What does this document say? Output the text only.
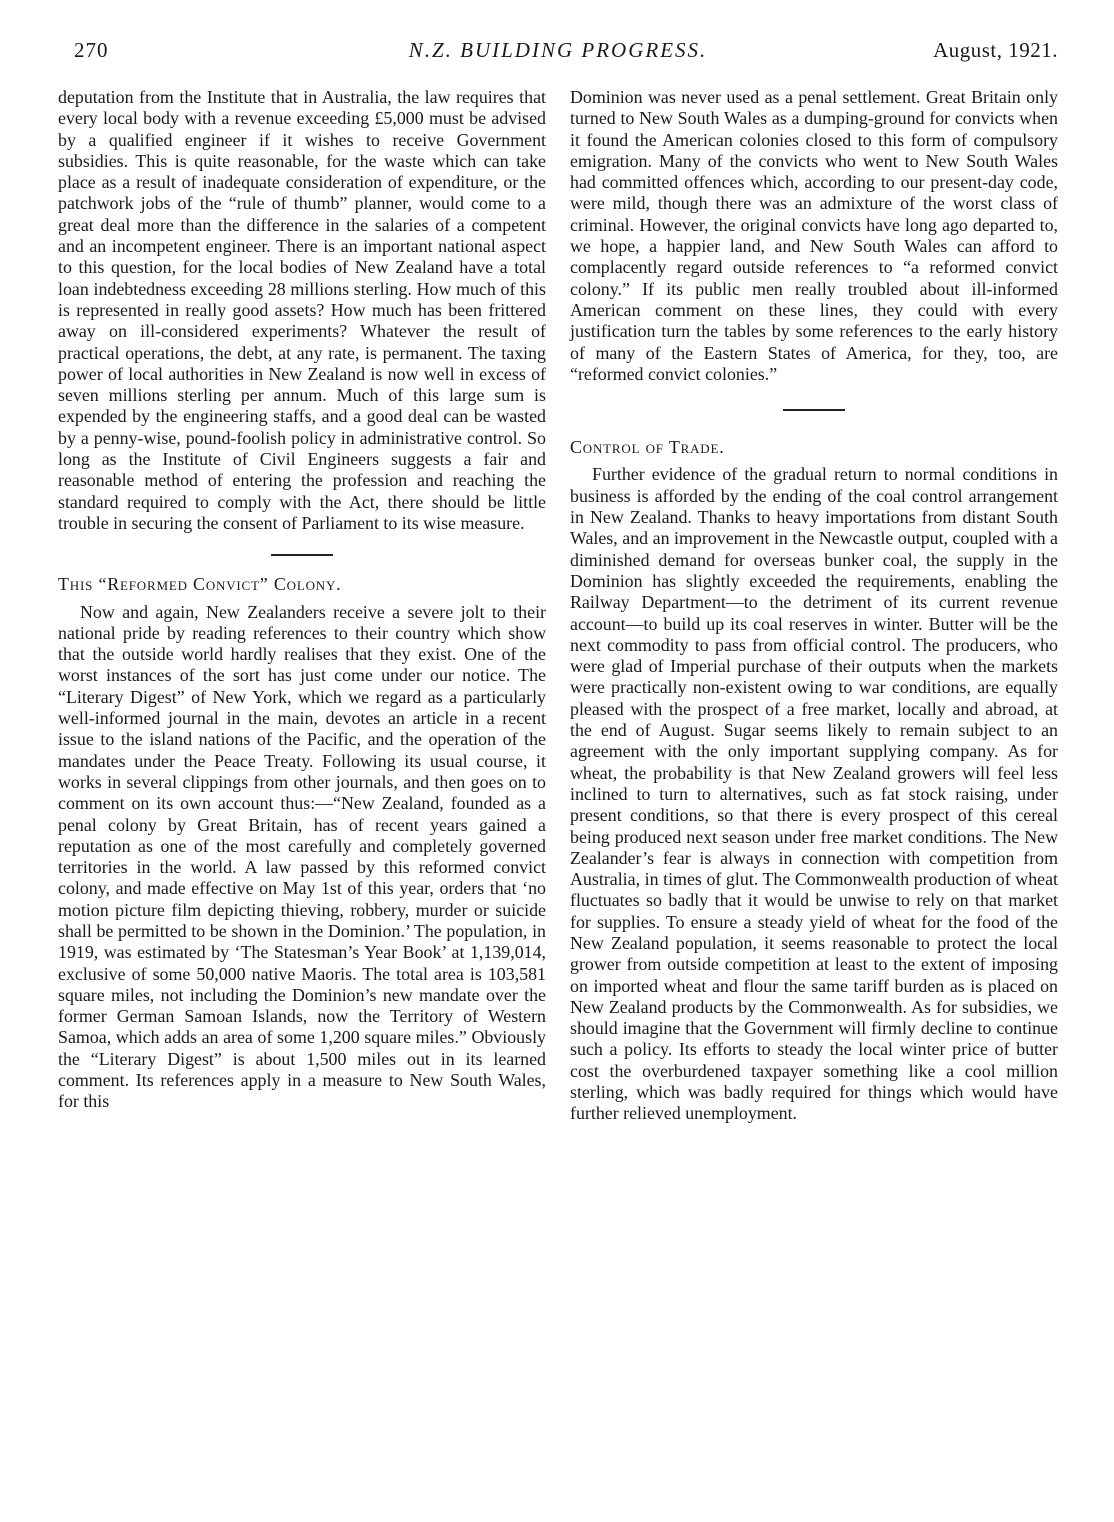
270	N.Z. BUILDING PROGRESS.	August, 1921.

deputation from the Institute that in Australia, the law requires that every local body with a revenue exceeding £5,000 must be advised by a qualified engineer if it wishes to receive Government subsidies. This is quite reasonable, for the waste which can take place as a result of inadequate consideration of expenditure, or the patchwork jobs of the “rule of thumb” planner, would come to a great deal more than the difference in the salaries of a competent and an incompetent engineer. There is an important national aspect to this question, for the local bodies of New Zealand have a total loan indebtedness exceeding 28 millions sterling. How much of this is represented in really good assets? How much has been frittered away on ill-considered experiments? Whatever the result of practical operations, the debt, at any rate, is permanent. The taxing power of local authorities in New Zealand is now well in excess of seven millions sterling per annum. Much of this large sum is expended by the engineering staffs, and a good deal can be wasted by a penny-wise, pound-foolish policy in administrative control. So long as the Institute of Civil Engineers suggests a fair and reasonable method of entering the profession and reaching the standard required to comply with the Act, there should be little trouble in securing the consent of Parliament to its wise measure.

This “Reformed Convict” Colony.

Now and again, New Zealanders receive a severe jolt to their national pride by reading references to their country which show that the outside world hardly realises that they exist. One of the worst instances of the sort has just come under our notice. The “Literary Digest” of New York, which we regard as a particularly well-informed journal in the main, devotes an article in a recent issue to the island nations of the Pacific, and the operation of the mandates under the Peace Treaty. Following its usual course, it works in several clippings from other journals, and then goes on to comment on its own account thus:—“New Zealand, founded as a penal colony by Great Britain, has of recent years gained a reputation as one of the most carefully and completely governed territories in the world. A law passed by this reformed convict colony, and made effective on May 1st of this year, orders that ‘no motion picture film depicting thieving, robbery, murder or suicide shall be permitted to be shown in the Dominion.’ The population, in 1919, was estimated by ‘The Statesman’s Year Book’ at 1,139,014, exclusive of some 50,000 native Maoris. The total area is 103,581 square miles, not including the Dominion’s new mandate over the former German Samoan Islands, now the Territory of Western Samoa, which adds an area of some 1,200 square miles.” Obviously the “Literary Digest” is about 1,500 miles out in its learned comment. Its references apply in a measure to New South Wales, for this

Dominion was never used as a penal settlement. Great Britain only turned to New South Wales as a dumping-ground for convicts when it found the American colonies closed to this form of compulsory emigration. Many of the convicts who went to New South Wales had committed offences which, according to our present-day code, were mild, though there was an admixture of the worst class of criminal. However, the original convicts have long ago departed to, we hope, a happier land, and New South Wales can afford to complacently regard outside references to “a reformed convict colony.” If its public men really troubled about ill-informed American comment on these lines, they could with every justification turn the tables by some references to the early history of many of the Eastern States of America, for they, too, are “reformed convict colonies.”

Control of Trade.

Further evidence of the gradual return to normal conditions in business is afforded by the ending of the coal control arrangement in New Zealand. Thanks to heavy importations from distant South Wales, and an improvement in the Newcastle output, coupled with a diminished demand for overseas bunker coal, the supply in the Dominion has slightly exceeded the requirements, enabling the Railway Department—to the detriment of its current revenue account—to build up its coal reserves in winter. Butter will be the next commodity to pass from official control. The producers, who were glad of Imperial purchase of their outputs when the markets were practically non-existent owing to war conditions, are equally pleased with the prospect of a free market, locally and abroad, at the end of August. Sugar seems likely to remain subject to an agreement with the only important supplying company. As for wheat, the probability is that New Zealand growers will feel less inclined to turn to alternatives, such as fat stock raising, under present conditions, so that there is every prospect of this cereal being produced next season under free market conditions. The New Zealander’s fear is always in connection with competition from Australia, in times of glut. The Commonwealth production of wheat fluctuates so badly that it would be unwise to rely on that market for supplies. To ensure a steady yield of wheat for the food of the New Zealand population, it seems reasonable to protect the local grower from outside competition at least to the extent of imposing on imported wheat and flour the same tariff burden as is placed on New Zealand products by the Commonwealth. As for subsidies, we should imagine that the Government will firmly decline to continue such a policy. Its efforts to steady the local winter price of butter cost the overburdened taxpayer something like a cool million sterling, which was badly required for things which would have further relieved unemployment.
